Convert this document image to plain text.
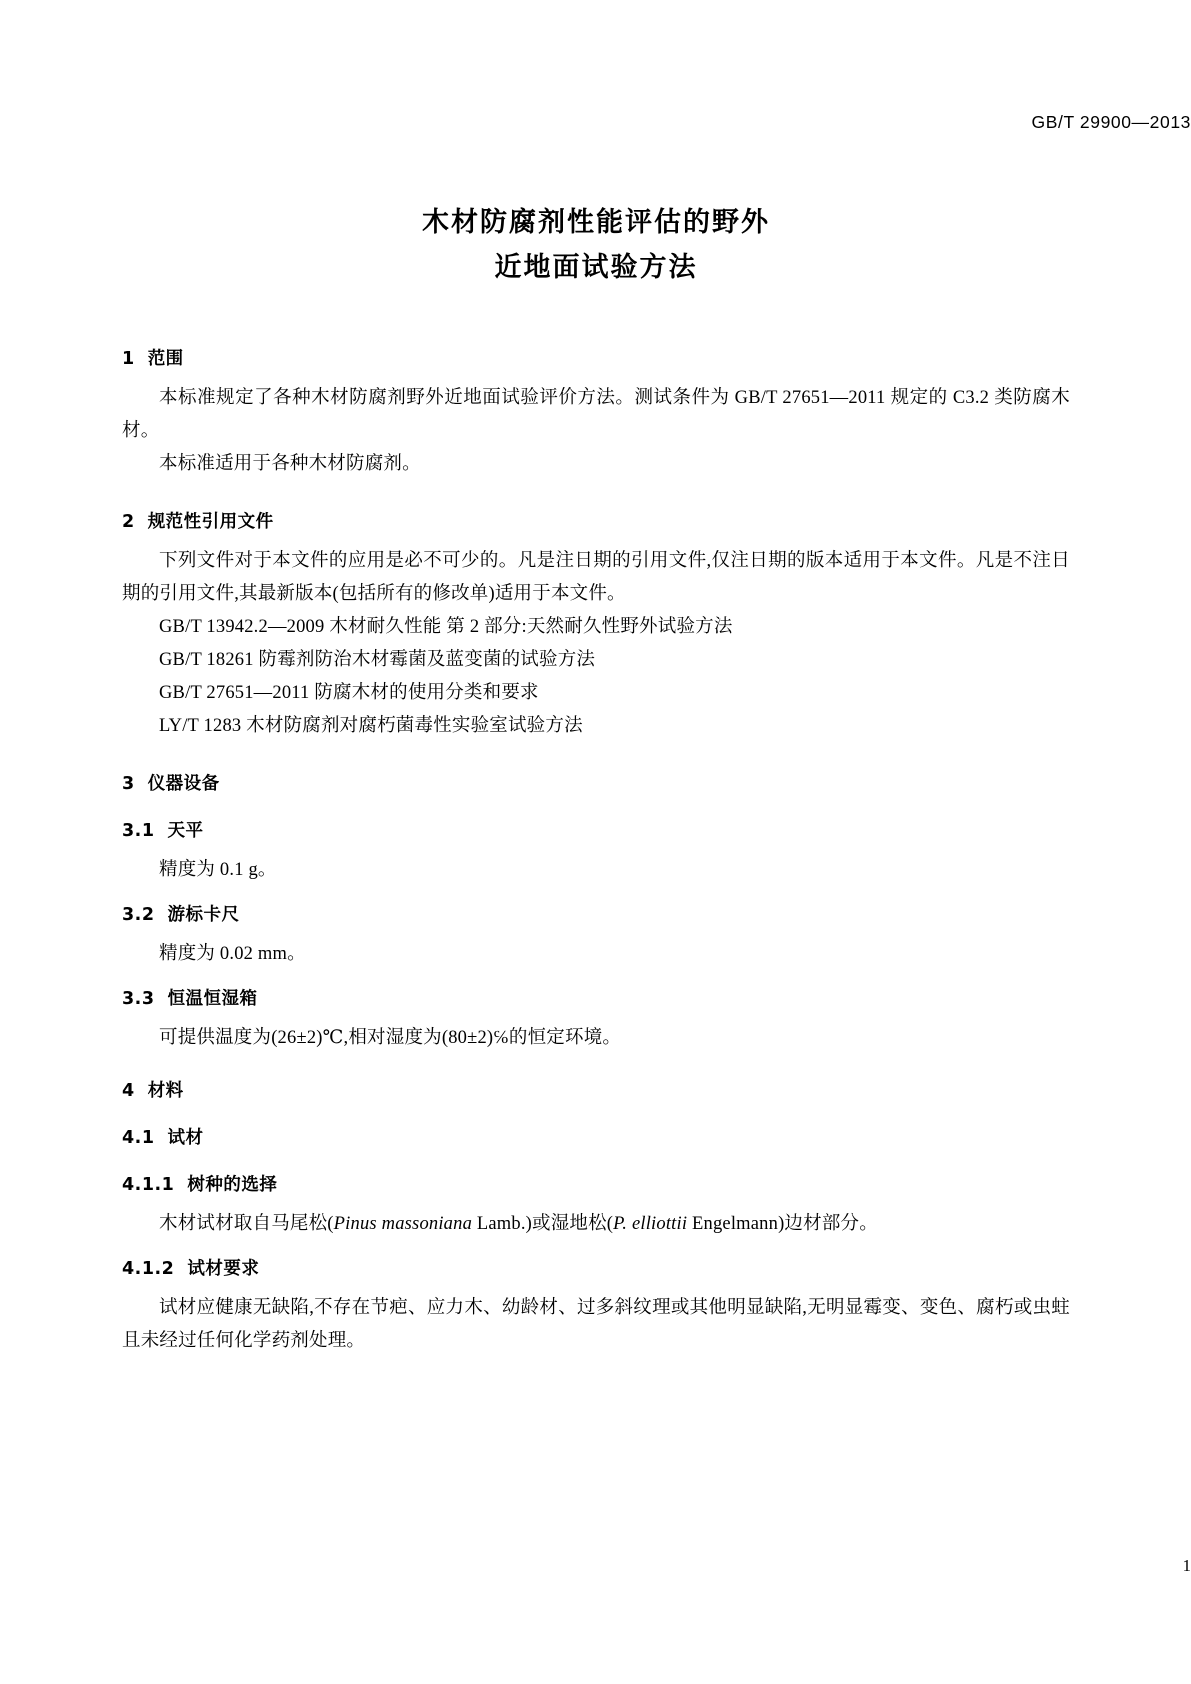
GB/T 29900—2013
木材防腐剂性能评估的野外
近地面试验方法
1 范围

本标准规定了各种木材防腐剂野外近地面试验评价方法。测试条件为 GB/T 27651—2011 规定的 C3.2 类防腐木材。

本标准适用于各种木材防腐剂。

2 规范性引用文件

下列文件对于本文件的应用是必不可少的。凡是注日期的引用文件,仅注日期的版本适用于本文件。凡是不注日期的引用文件,其最新版本(包括所有的修改单)适用于本文件。

GB/T 13942.2—2009 木材耐久性能 第 2 部分:天然耐久性野外试验方法
GB/T 18261 防霉剂防治木材霉菌及蓝变菌的试验方法
GB/T 27651—2011 防腐木材的使用分类和要求
LY/T 1283 木材防腐剂对腐朽菌毒性实验室试验方法
3 仪器设备
3.1 天平

精度为 0.1 g。

3.2 游标卡尺

精度为 0.02 mm。

3.3 恒温恒湿箱

可提供温度为(26±2)℃,相对湿度为(80±2)℅的恒定环境。

4 材料
4.1 试材
4.1.1 树种的选择

木材试材取自马尾松(Pinus massoniana Lamb.)或湿地松(P. elliottii Engelmann)边材部分。

4.1.2 试材要求

试材应健康无缺陷,不存在节疤、应力木、幼龄材、过多斜纹理或其他明显缺陷,无明显霉变、变色、腐朽或虫蛀且未经过任何化学药剂处理。

1
